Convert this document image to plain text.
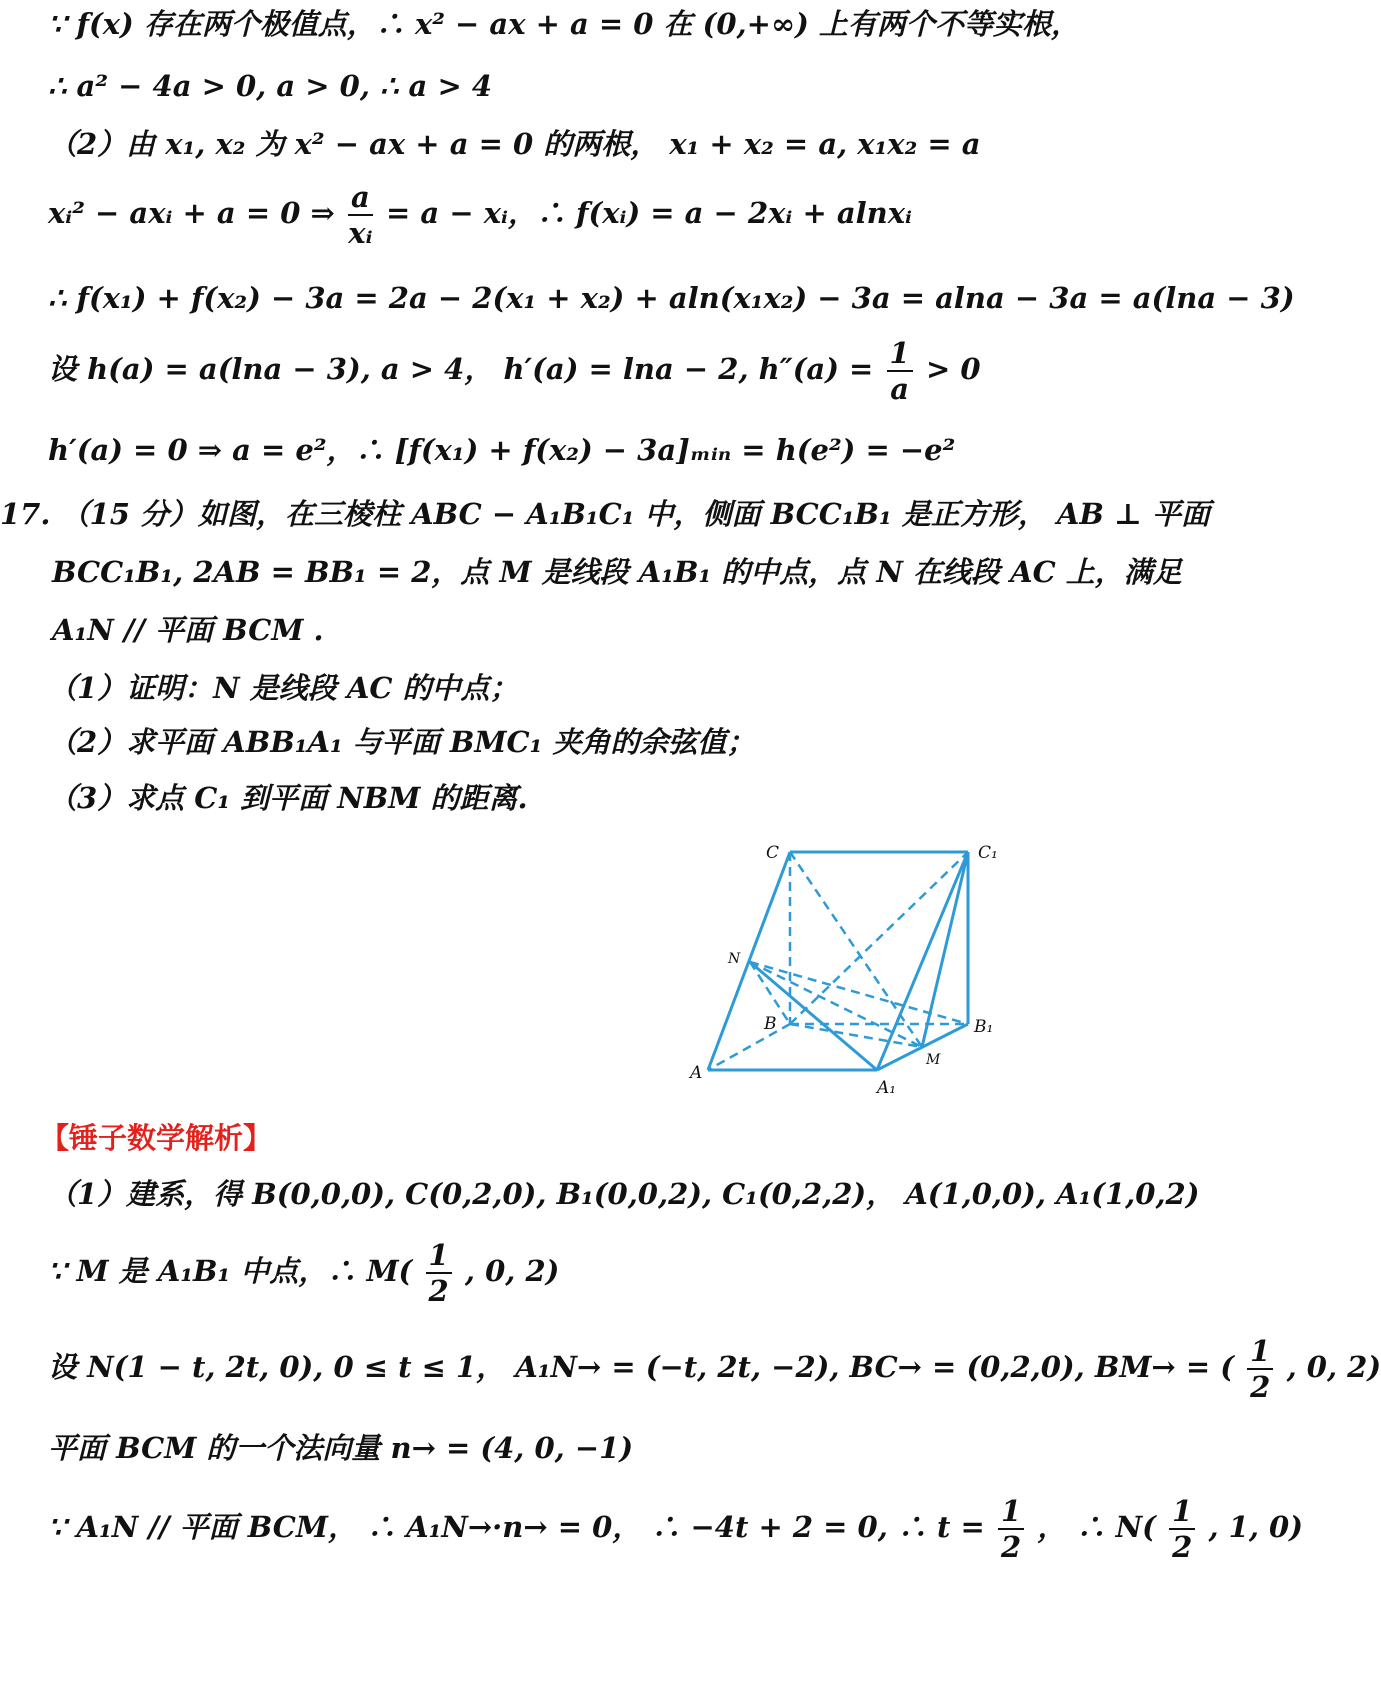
∵ f(x) 存在两个极值点，∴ x² − ax + a = 0 在 (0,+∞) 上有两个不等实根，
∴ a² − 4a > 0, a > 0, ∴ a > 4
（2）由 x₁, x₂ 为 x² − ax + a = 0 的两根， x₁ + x₂ = a, x₁x₂ = a
xᵢ² − axᵢ + a = 0 ⇒ $\frac{a}{\text{xᵢ}} = a$ − xᵢ，∴ f(xᵢ) = a − 2xᵢ + alnxᵢ
∴ f(x₁) + f(x₂) − 3a = 2a − 2(x₁ + x₂) + aln(x₁x₂) − 3a = alna − 3a = a(lna − 3)
设 h(a) = a(lna − 3), a > 4， h′(a) = lna − 2, $h''(a) = \frac{1}{a} > 0$
h′(a) = 0 ⇒ a = e²，∴ [f(x₁) + f(x₂) − 3a]ₘᵢₙ = h(e²) = −e²
17. （15 分）如图，在三棱柱 ABC − A₁B₁C₁ 中，侧面 BCC₁B₁ 是正方形， AB ⊥ 平面
BCC₁B₁, 2AB = BB₁ = 2，点 M 是线段 A₁B₁ 的中点，点 N 在线段 AC 上，满足
A₁N // 平面 BCM .
（1）证明：N 是线段 AC 的中点；
（2）求平面 ABB₁A₁ 与平面 BMC₁ 夹角的余弦值；
（3）求点 C₁ 到平面 NBM 的距离.
C	C₁
N
B	B₁
A
A₁
M
【锤子数学解析】
（1）建系，得 B(0,0,0), C(0,2,0), B₁(0,0,2), C₁(0,2,2)， A(1,0,0), A₁(1,0,2)
∵ M 是 A₁B₁ 中点，∴ $M( \frac{1}{2}$ , 0, 2)
设 N(1 − t, 2t, 0), 0 ≤ t ≤ 1， A₁N→ = (−t, 2t, −2), BC→ = (0,2,0), BM→ = ( $\frac{1}{2}$ , 0, 2)
平面 BCM 的一个法向量 n→ = (4, 0, −1)
∵ A₁N // 平面 BCM， ∴ A₁N→·n→ = 0， ∴ −4t + 2 = 0, ∴ $t = \frac{1}{2}$ ， ∴ $N( \frac{1}{2}$ , 1, 0)
